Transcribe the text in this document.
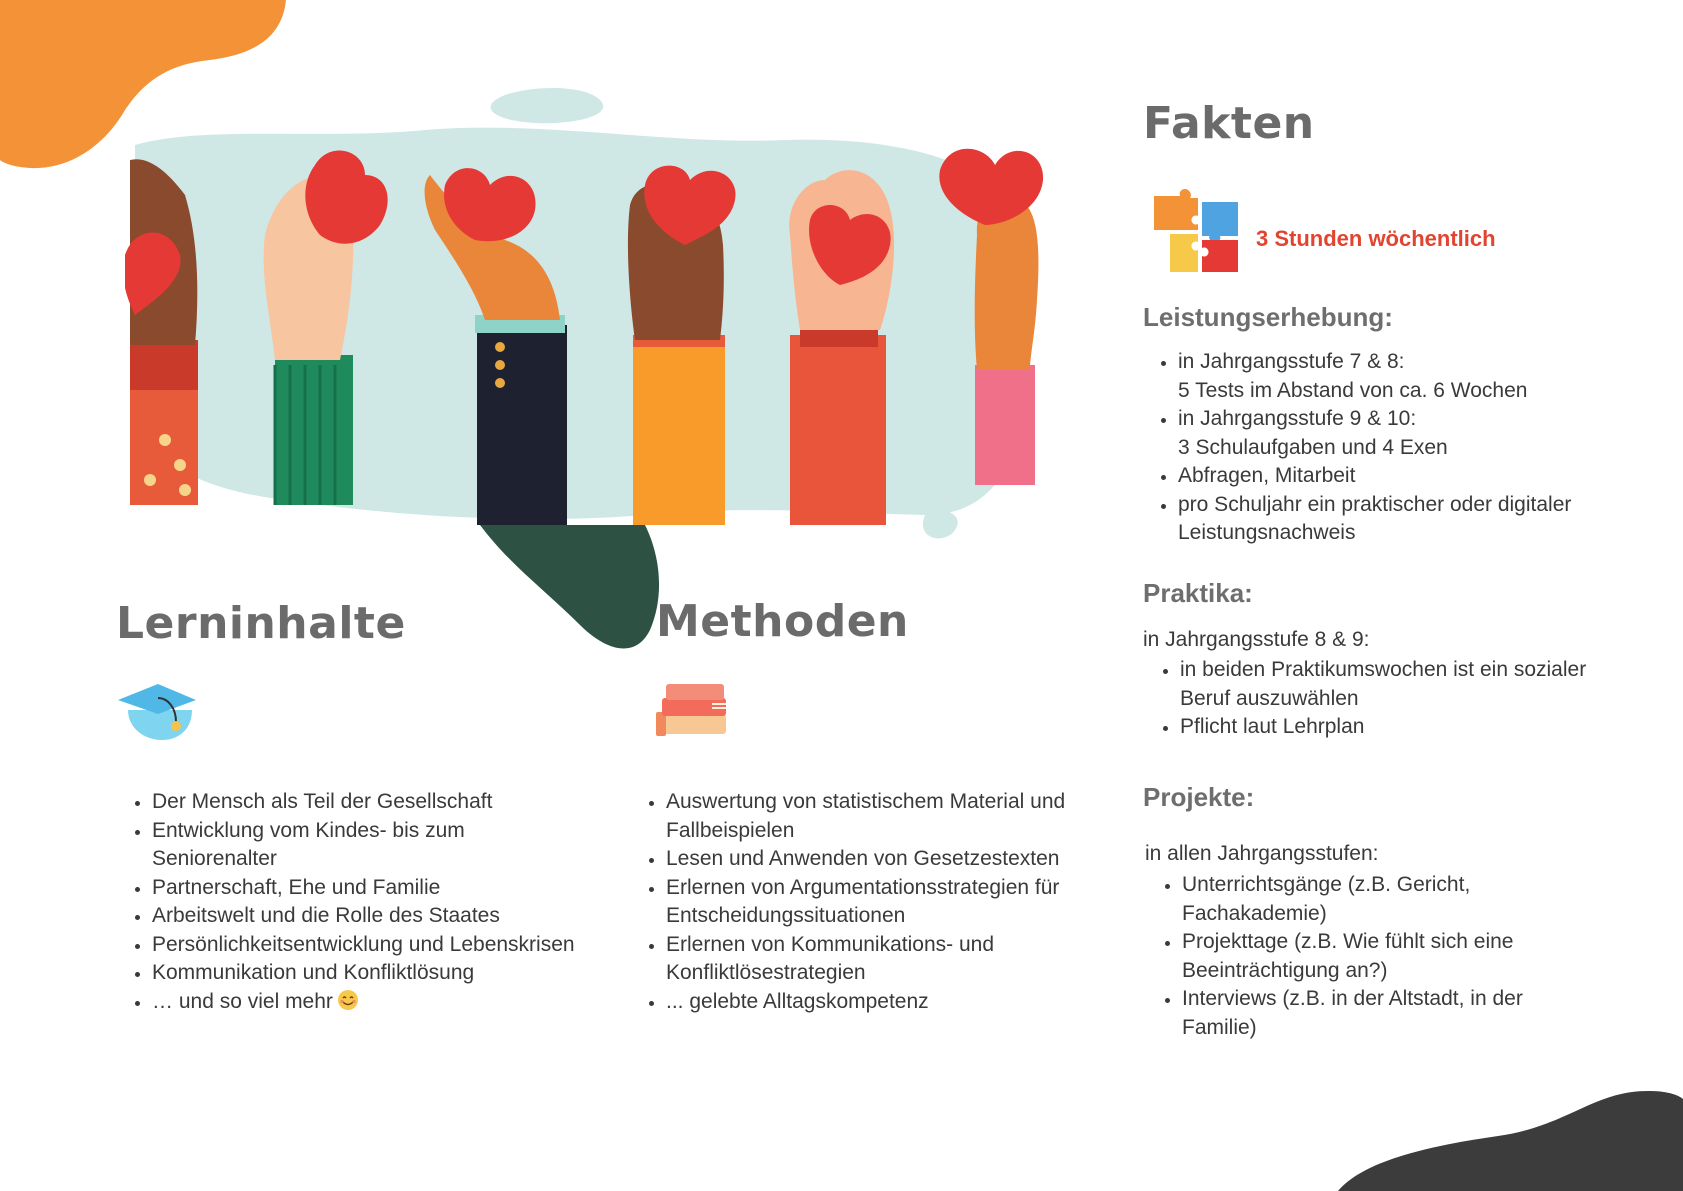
Lerninhalte
• Der Mensch als Teil der Gesellschaft
• Entwicklung vom Kindes- bis zum Seniorenalter
• Partnerschaft, Ehe und Familie
• Arbeitswelt und die Rolle des Staates
• Persönlichkeitsentwicklung und Lebenskrisen
• Kommunikation und Konfliktlösung
• … und so viel mehr
Methoden
• Auswertung von statistischem Material und Fallbeispielen
• Lesen und Anwenden von Gesetzestexten
• Erlernen von Argumentationsstrategien für Entscheidungssituationen
• Erlernen von Kommunikations- und Konfliktlösestrategien
• ... gelebte Alltagskompetenz
Fakten

3 Stunden wöchentlich

Leistungserhebung:
• in Jahrgangsstufe 7 & 8:
5 Tests im Abstand von ca. 6 Wochen
• in Jahrgangsstufe 9 & 10:
3 Schulaufgaben und 4 Exen
• Abfragen, Mitarbeit
• pro Schuljahr ein praktischer oder digitaler Leistungsnachweis
Praktika:

in Jahrgangsstufe 8 & 9:

• in beiden Praktikumswochen ist ein sozialer Beruf auszuwählen
• Pflicht laut Lehrplan
Projekte:

in allen Jahrgangsstufen:

• Unterrichtsgänge (z.B. Gericht, Fachakademie)
• Projekttage (z.B. Wie fühlt sich eine Beeinträchtigung an?)
• Interviews (z.B. in der Altstadt, in der Familie)
